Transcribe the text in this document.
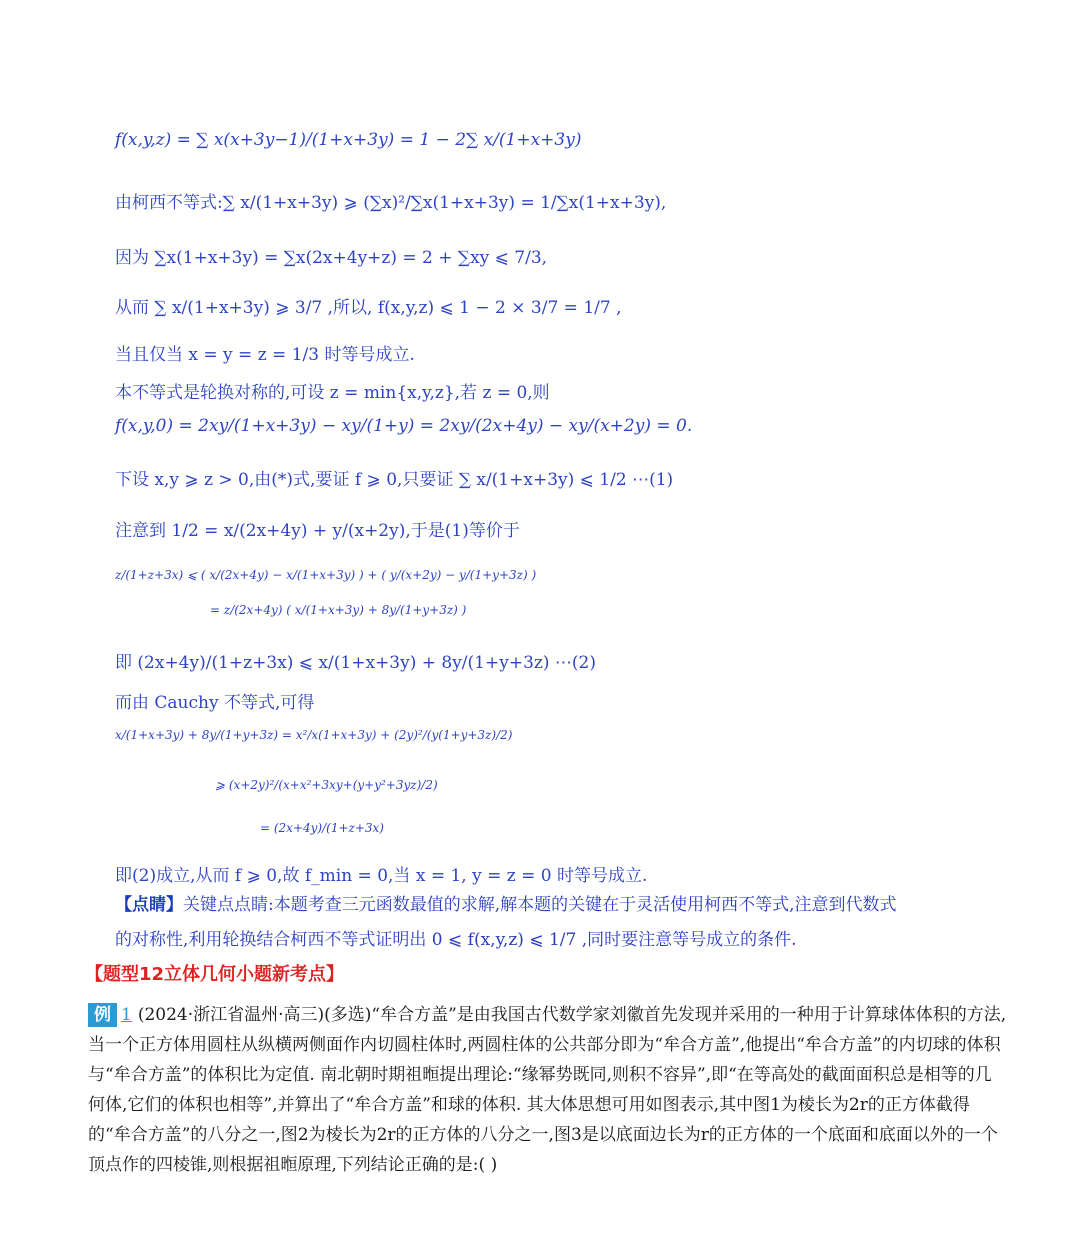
f(x,y,z) = ∑ x(x+3y−1)/(1+x+3y) = 1 − 2∑ x/(1+x+3y)
由柯西不等式:∑ x/(1+x+3y) ⩾ (∑x)²/∑x(1+x+3y) = 1/∑x(1+x+3y),
因为 ∑x(1+x+3y) = ∑x(2x+4y+z) = 2 + ∑xy ⩽ 7/3,
从而 ∑ x/(1+x+3y) ⩾ 3/7 ,所以, f(x,y,z) ⩽ 1 − 2 × 3/7 = 1/7 ,
当且仅当 x = y = z = 1/3 时等号成立.
本不等式是轮换对称的,可设 z = min{x,y,z},若 z = 0,则
f(x,y,0) = 2xy/(1+x+3y) − xy/(1+y) = 2xy/(2x+4y) − xy/(x+2y) = 0.
下设 x,y ⩾ z > 0,由(*)式,要证 f ⩾ 0,只要证 ∑ x/(1+x+3y) ⩽ 1/2 ⋯(1)
注意到 1/2 = x/(2x+4y) + y/(x+2y),于是(1)等价于
z/(1+z+3x) ⩽ ( x/(2x+4y) − x/(1+x+3y) ) + ( y/(x+2y) − y/(1+y+3z) )
= z/(2x+4y) ( x/(1+x+3y) + 8y/(1+y+3z) )
即 (2x+4y)/(1+z+3x) ⩽ x/(1+x+3y) + 8y/(1+y+3z) ⋯(2)
而由 Cauchy 不等式,可得
x/(1+x+3y) + 8y/(1+y+3z) = x²/x(1+x+3y) + (2y)²/(y(1+y+3z)/2)
⩾ (x+2y)²/(x+x²+3xy+(y+y²+3yz)/2)
= (2x+4y)/(1+z+3x)
即(2)成立,从而 f ⩾ 0,故 f_min = 0,当 x = 1, y = z = 0 时等号成立.
【点睛】关键点点睛:本题考查三元函数最值的求解,解本题的关键在于灵活使用柯西不等式,注意到代数式
的对称性,利用轮换结合柯西不等式证明出 0 ⩽ f(x,y,z) ⩽ 1/7 ,同时要注意等号成立的条件.
【题型12立体几何小题新考点】
例 1 (2024·浙江省温州·高三)(多选)“牟合方盖”是由我国古代数学家刘徽首先发现并采用的一种用于计算球体体积的方法,当一个正方体用圆柱从纵横两侧面作内切圆柱体时,两圆柱体的公共部分即为“牟合方盖”,他提出“牟合方盖”的内切球的体积与“牟合方盖”的体积比为定值. 南北朝时期祖暅提出理论:“缘幂势既同,则积不容异”,即“在等高处的截面面积总是相等的几何体,它们的体积也相等”,并算出了“牟合方盖”和球的体积. 其大体思想可用如图表示,其中图1为棱长为2r的正方体截得的“牟合方盖”的八分之一,图2为棱长为2r的正方体的八分之一,图3是以底面边长为r的正方体的一个底面和底面以外的一个顶点作的四棱锥,则根据祖暅原理,下列结论正确的是:( )
